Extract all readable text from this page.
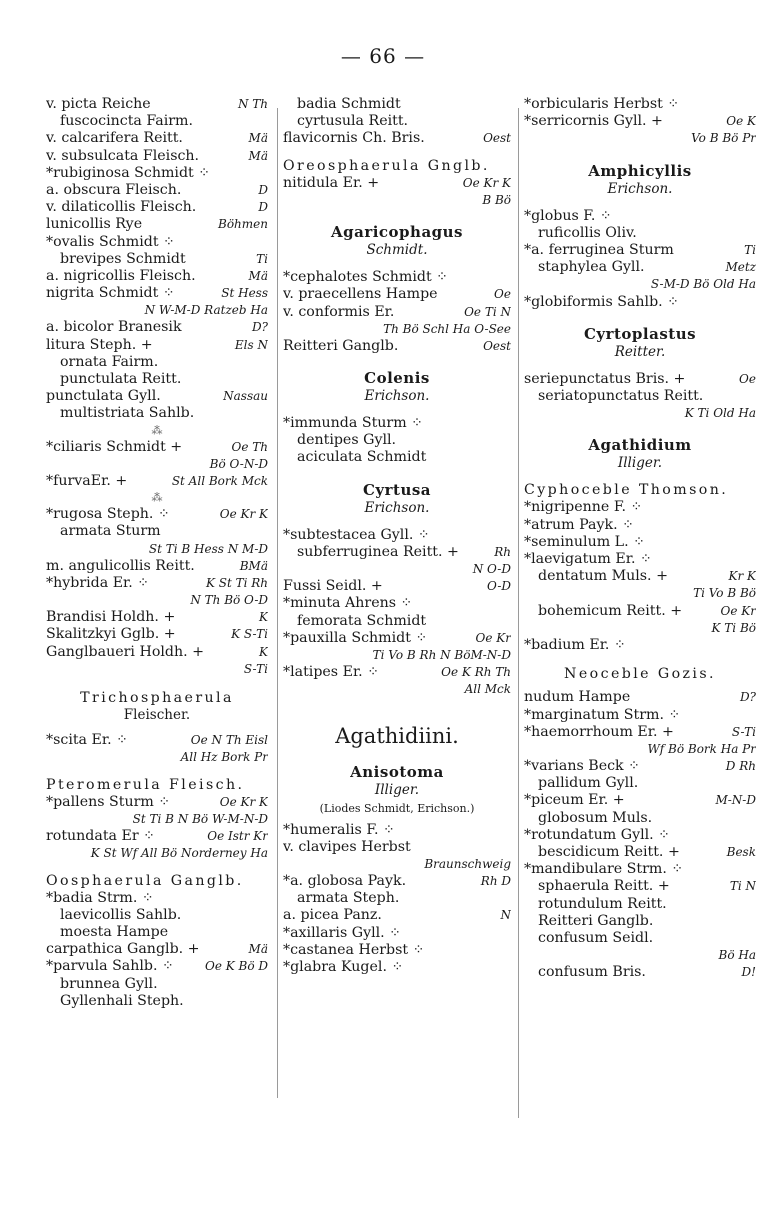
— 66 —
v. picta Reiche	N Th
fuscocincta Fairm.
v. calcarifera Reitt.	Mä
v. subsulcata Fleisch.	Mä
*rubiginosa Schmidt ⁘
a. obscura Fleisch.	D
v. dilaticollis Fleisch.	D
lunicollis Rye	Böhmen
*ovalis Schmidt ⁘
brevipes Schmidt	Ti
a. nigricollis Fleisch.	Mä
nigrita Schmidt ⁘	St Hess
N W-M-D Ratzeb Ha
a. bicolor Branesik	D?
litura Steph. +	Els N
ornata Fairm.
punctulata Reitt.
punctulata Gyll.	Nassau
multistriata Sahlb.
⁂
*ciliaris Schmidt +	Oe Th
Bö O-N-D
*furvaEr. +	St All Bork Mck
⁂
*rugosa Steph. ⁘	Oe Kr K
armata Sturm
St Ti B Hess N M-D
m. angulicollis Reitt.	BMä
*hybrida Er. ⁘	K St Ti Rh
N Th Bö O-D
Brandisi Holdh. +	K
Skalitzkyi Gglb. +	K S-Ti
Ganglbaueri Holdh. +	K
S-Ti
Trichosphaerula
Fleischer.
*scita Er. ⁘	Oe N Th Eisl
All Hz Bork Pr
Pteromerula Fleisch.
*pallens Sturm ⁘	Oe Kr K
St Ti B N Bö W-M-N-D
rotundata Er ⁘	Oe Istr Kr
K St Wf All Bö Norderney Ha
Oosphaerula Ganglb.
*badia Strm. ⁘
laevicollis Sahlb.
moesta Hampe
carpathica Ganglb. +	Mä
*parvula Sahlb. ⁘	Oe K Bö D
brunnea Gyll.
Gyllenhali Steph.
badia Schmidt
cyrtusula Reitt.
flavicornis Ch. Bris.	Oest
Oreosphaerula Gnglb.
nitidula Er. +	Oe Kr K
B Bö
Agaricophagus
Schmidt.
*cephalotes Schmidt ⁘
v. praecellens Hampe	Oe
v. conformis Er.	Oe Ti N
Th Bö Schl Ha O-See
Reitteri Ganglb.	Oest
Colenis
Erichson.
*immunda Sturm ⁘
dentipes Gyll.
aciculata Schmidt
Cyrtusa
Erichson.
*subtestacea Gyll. ⁘
subferruginea Reitt. +	Rh
N O-D
Fussi Seidl. +	O-D
*minuta Ahrens ⁘
femorata Schmidt
*pauxilla Schmidt ⁘	Oe Kr
Ti Vo B Rh N BöM-N-D
*latipes Er. ⁘	Oe K Rh Th
All Mck
Agathidiini.
Anisotoma
Illiger.
(Liodes Schmidt, Erichson.)
*humeralis F. ⁘
v. clavipes Herbst
Braunschweig
*a. globosa Payk.	Rh D
armata Steph.
a. picea Panz.	N
*axillaris Gyll. ⁘
*castanea Herbst ⁘
*glabra Kugel. ⁘
*orbicularis Herbst ⁘
*serricornis Gyll. +	Oe K
Vo B Bö Pr
Amphicyllis
Erichson.
*globus F. ⁘
ruficollis Oliv.
*a. ferruginea Sturm	Ti
staphylea Gyll.	Metz
S-M-D Bö Old Ha
*globiformis Sahlb. ⁘
Cyrtoplastus
Reitter.
seriepunctatus Bris. +	Oe
seriatopunctatus Reitt.
K Ti Old Ha
Agathidium
Illiger.
Cyphoceble Thomson.
*nigripenne F. ⁘
*atrum Payk. ⁘
*seminulum L. ⁘
*laevigatum Er. ⁘
dentatum Muls. +	Kr K
Ti Vo B Bö
bohemicum Reitt. +	Oe Kr
K Ti Bö
*badium Er. ⁘
Neoceble Gozis.
nudum Hampe	D?
*marginatum Strm. ⁘
*haemorrhoum Er. +	S-Ti
Wf Bö Bork Ha Pr
*varians Beck ⁘	D Rh
pallidum Gyll.
*piceum Er. +	M-N-D
globosum Muls.
*rotundatum Gyll. ⁘
bescidicum Reitt. +	Besk
*mandibulare Strm. ⁘
sphaerula Reitt. +	Ti N
rotundulum Reitt.
Reitteri Ganglb.
confusum Seidl.
Bö Ha
confusum Bris.	D!
